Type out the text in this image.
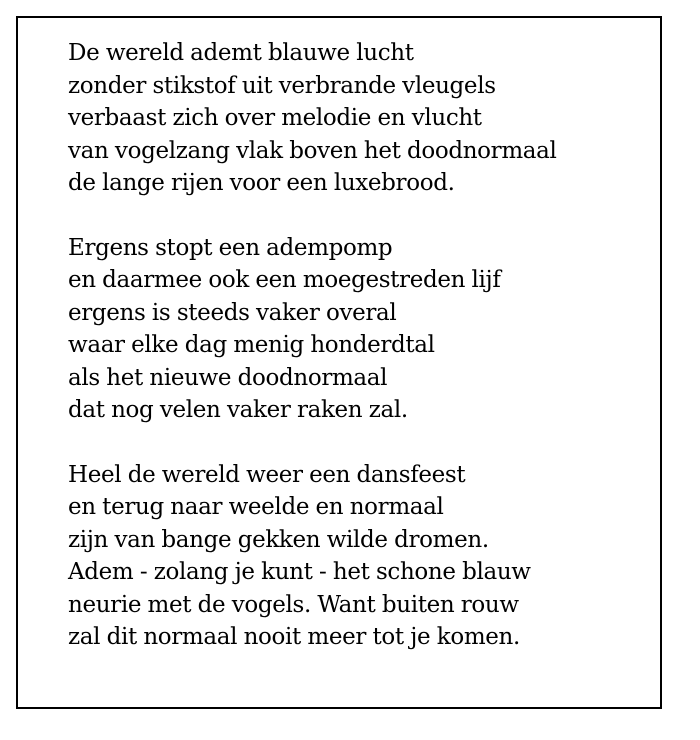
De wereld ademt blauwe lucht
zonder stikstof uit verbrande vleugels
verbaast zich over melodie en vlucht
van vogelzang vlak boven het doodnormaal
de lange rijen voor een luxebrood.

Ergens stopt een adempomp
en daarmee ook een moegestreden lijf
ergens is steeds vaker overal
waar elke dag menig honderdtal
als het nieuwe doodnormaal
dat nog velen vaker raken zal.

Heel de wereld weer een dansfeest
en terug naar weelde en normaal
zijn van bange gekken wilde dromen.
Adem - zolang je kunt - het schone blauw
neurie met de vogels. Want buiten rouw
zal dit normaal nooit meer tot je komen.
